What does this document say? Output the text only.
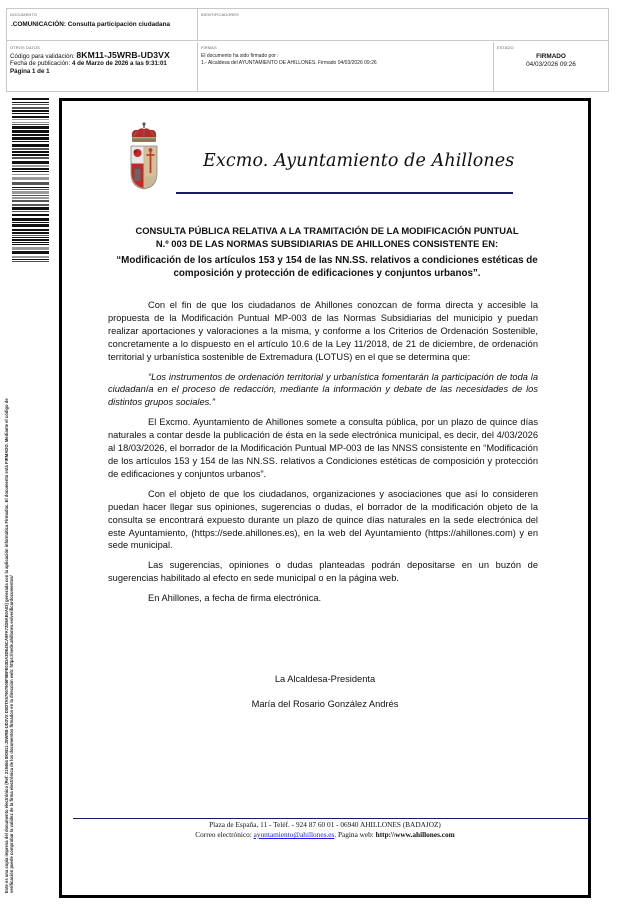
DOCUMENTO
.COMUNICACIÓN: Consulta participación ciudadana
IDENTIFICADORES
OTROS DATOS
Código para validación: 8KM11-J5WRB-UD3VX
Fecha de publicación: 4 de Marzo de 2026 a las 9:31:01
Página 1 de 1
FIRMAS
El documento ha sido firmado por :
1.- Alcaldesa del AYUNTAMIENTO DE AHILLONES. Firmado 04/03/2026 09:26
ESTADO
FIRMADO
04/03/2026 09:26
Este es una copia impresa del documento electrónico (Ref: 219464 8KM11-J5WRB-UD3VX D0DTA57907906F5BFE03DA3DE45CA9FA72D8AE0A03) generada con la aplicación informática Firmadoc. El documento está FIRMADO. Mediante el código de verificación puede comprobar la validez de la firma electrónica de los documentos firmados en la dirección web: https://sede.ahillones.es/verificardocumentos/
Excmo. Ayuntamiento de Ahillones
CONSULTA PÚBLICA RELATIVA A LA TRAMITACIÓN DE LA MODIFICACIÓN PUNTUAL
N.º 003 DE LAS NORMAS SUBSIDIARIAS DE AHILLONES CONSISTENTE EN:
“Modificación de los artículos 153 y 154 de las NN.SS. relativos a condiciones estéticas de composición y protección de edificaciones y conjuntos urbanos”.

Con el fin de que los ciudadanos de Ahillones conozcan de forma directa y accesible la propuesta de la Modificación Puntual MP-003 de las Normas Subsidiarias del municipio y puedan realizar aportaciones y valoraciones a la misma, y conforme a los Criterios de Ordenación Sostenible, concretamente a lo dispuesto en el artículo 10.6 de la Ley 11/2018, de 21 de diciembre, de ordenación territorial y urbanística sostenible de Extremadura (LOTUS) en el que se determina que:

“Los instrumentos de ordenación territorial y urbanística fomentarán la participación de toda la ciudadanía en el proceso de redacción, mediante la información y debate de las necesidades de los distintos grupos sociales.”

El Excmo. Ayuntamiento de Ahillones somete a consulta pública, por un plazo de quince días naturales a contar desde la publicación de ésta en la sede electrónica municipal, es decir, del 4/03/2026 al 18/03/2026, el borrador de la Modificación Puntual MP-003 de las NNSS consistente en “Modificación de los artículos 153 y 154 de las NN.SS. relativos a Condiciones estéticas de composición y protección de edificaciones y conjuntos urbanos”.

Con el objeto de que los ciudadanos, organizaciones y asociaciones que así lo consideren puedan hacer llegar sus opiniones, sugerencias o dudas, el borrador de la modificación objeto de la consulta se encontrará expuesto durante un plazo de quince días naturales en la sede electrónica del este Ayuntamiento, (https://sede.ahillones.es), en la web del Ayuntamiento (https://ahillones.com) y en sede municipal.

Las sugerencias, opiniones o dudas planteadas podrán depositarse en un buzón de sugerencias habilitado al efecto en sede municipal o en la página web.

En Ahillones, a fecha de firma electrónica.

La Alcaldesa-Presidenta
María del Rosario González Andrés
Plaza de España, 11 - Teléf. - 924 87 60 01 - 06940 AHILLONES (BADAJOZ)
Correo electrónico: ayuntamiento@ahillones.es. Pagina web: http:\\www.ahillones.com
